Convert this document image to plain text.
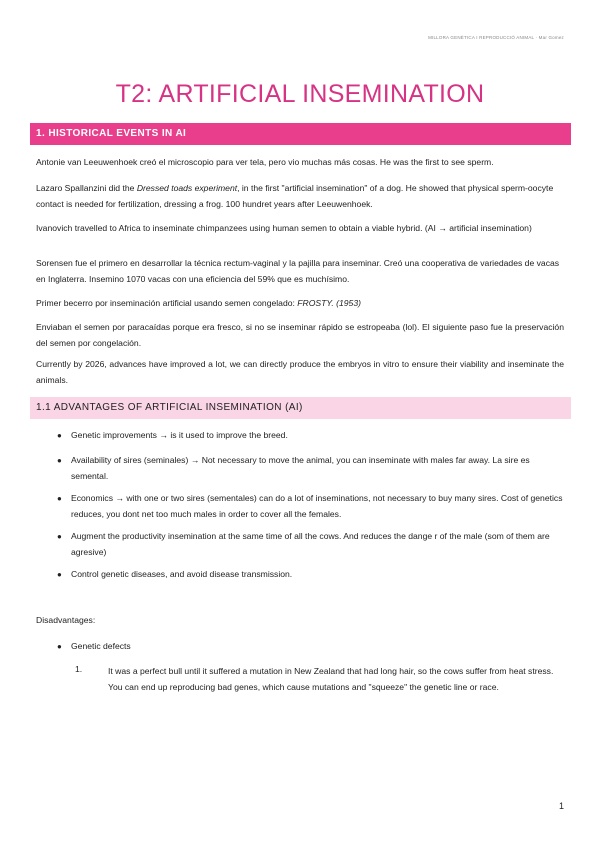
MILLORA GENÈTICA I REPRODUCCIÓ ANIMAL · Mar Gomez
T2: ARTIFICIAL INSEMINATION
1. HISTORICAL EVENTS IN AI

Antonie van Leeuwenhoek creó el microscopio para ver tela, pero vio muchas más cosas. He was the first to see sperm.

Lazaro Spallanzini did the Dressed toads experiment, in the first "artificial insemination" of a dog. He showed that physical sperm-oocyte contact is needed for fertilization, dressing a frog. 100 hundret years after Leeuwenhoek.

Ivanovich travelled to Africa to inseminate chimpanzees using human semen to obtain a viable hybrid. (AI → artificial insemination)

Sorensen fue el primero en desarrollar la técnica rectum-vaginal y la pajilla para inseminar. Creó una cooperativa de variedades de vacas en Inglaterra. Insemino 1070 vacas con una eficiencia del 59% que es muchísimo.

Primer becerro por inseminación artificial usando semen congelado: FROSTY. (1953)

Enviaban el semen por paracaídas porque era fresco, si no se inseminar rápido se estropeaba (lol). El siguiente paso fue la preservación del semen por congelación.

Currently by 2026, advances have improved a lot, we can directly produce the embryos in vitro to ensure their viability and inseminate the animals.

1.1 ADVANTAGES OF ARTIFICIAL INSEMINATION (AI)
● Genetic improvements → is it used to improve the breed.
● Availability of sires (seminales) → Not necessary to move the animal, you can inseminate with males far away. La sire es semental.
● Economics → with one or two sires (sementales) can do a lot of inseminations, not necessary to buy many sires. Cost of genetics reduces, you dont net too much males in order to cover all the females.
● Augment the productivity insemination at the same time of all the cows. And reduces the dange r of the male (som of them are agresive)
● Control genetic diseases, and avoid disease transmission.

Disadvantages:

● Genetic defects
1.	It was a perfect bull until it suffered a mutation in New Zealand that had long hair, so the cows suffer from heat stress. You can end up reproducing bad genes, which cause mutations and "squeeze" the genetic line or race.
1
